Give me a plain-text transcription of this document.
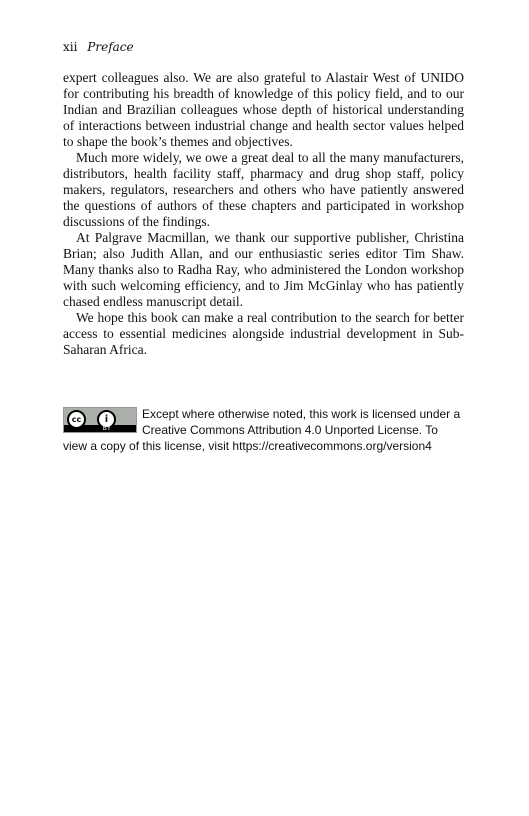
xii Preface

expert colleagues also. We are also grateful to Alastair West of UNIDO for contributing his breadth of knowledge of this policy field, and to our Indian and Brazilian colleagues whose depth of historical understanding of interactions between industrial change and health sector values helped to shape the book’s themes and objectives.

Much more widely, we owe a great deal to all the many manufacturers, distributors, health facility staff, pharmacy and drug shop staff, policy makers, regulators, researchers and others who have patiently answered the questions of authors of these chapters and participated in workshop discussions of the findings.

At Palgrave Macmillan, we thank our supportive publisher, Christina Brian; also Judith Allan, and our enthusiastic series editor Tim Shaw. Many thanks also to Radha Ray, who administered the London workshop with such welcoming efficiency, and to Jim McGinlay who has patiently chased endless manuscript detail.

We hope this book can make a real contribution to the search for better access to essential medicines alongside industrial development in Sub-Saharan Africa.

cc	i
BY
Except where otherwise noted, this work is licensed under a Creative Commons Attribution 4.0 Unported License. To view a copy of this license, visit https://creativecommons.org/version4
